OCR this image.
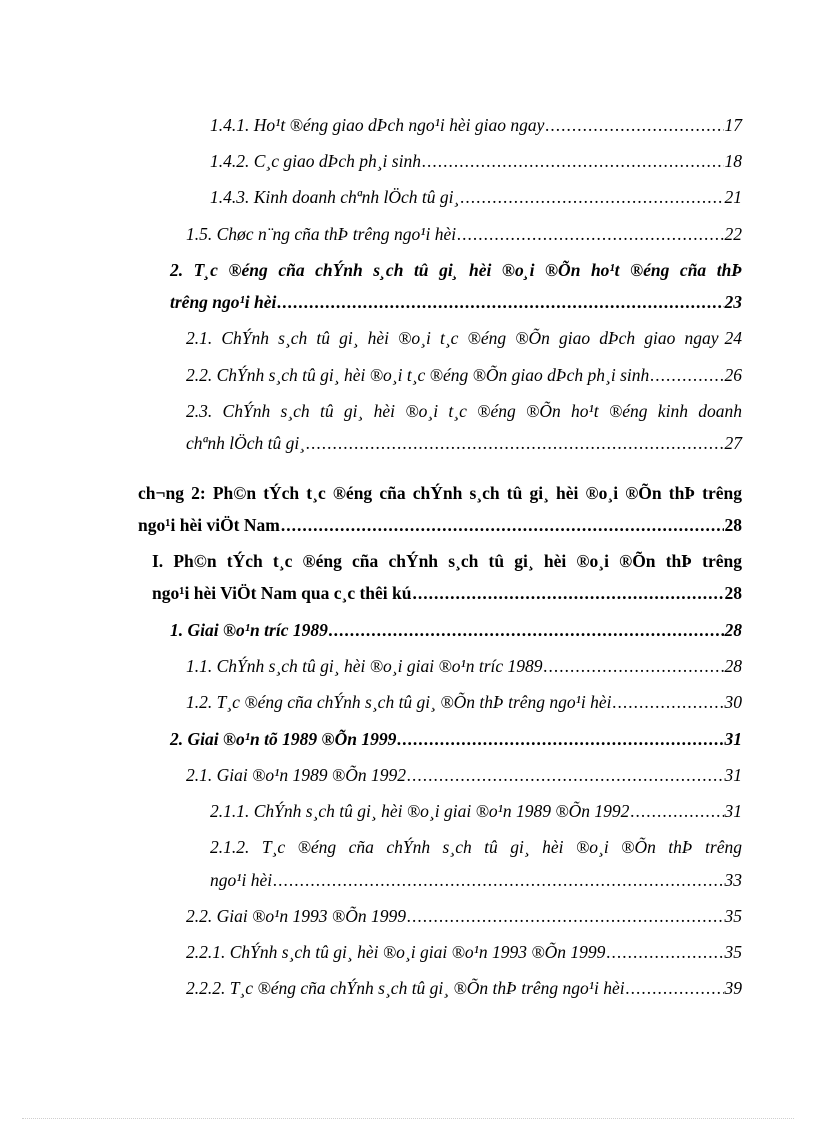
1.4.1. Ho¹t ®éng giao dÞch ngo¹i hèi giao ngay .....	17
1.4.2. C¸c giao dÞch ph¸i sinh .....	18
1.4.3. Kinh doanh chªnh lÖch tû gi¸ .....	21
1.5. Chøc n¨ng cña thÞ trêng ngo¹i hèi .....	22
2. T¸c ®éng cña chÝnh s¸ch tû gi¸ hèi ®o¸i ®Õn ho¹t ®éng cña thÞ
trêng ngo¹i hèi .....	23
2.1. ChÝnh s¸ch tû gi¸ hèi ®o¸i t¸c ®éng ®Õn giao dÞch giao ngay 24
2.2. ChÝnh s¸ch tû gi¸ hèi ®o¸i t¸c ®éng ®Õn giao dÞch ph¸i sinh .....	26
2.3. ChÝnh s¸ch tû gi¸ hèi ®o¸i t¸c ®éng ®Õn ho¹t ®éng kinh doanh
chªnh lÖch tû gi¸ .....	27
ch¬ng 2: Ph©n tÝch t¸c ®éng cña chÝnh s¸ch tû gi¸ hèi ®o¸i ®Õn thÞ trêng
ngo¹i hèi viÖt Nam .....	28
I. Ph©n tÝch t¸c ®éng cña chÝnh s¸ch tû gi¸ hèi ®o¸i ®Õn thÞ trêng
ngo¹i hèi ViÖt Nam qua c¸c thêi kú .....	28
1. Giai ®o¹n tríc 1989 .....	28
1.1. ChÝnh s¸ch tû gi¸ hèi ®o¸i giai ®o¹n tríc 1989 .....	28
1.2. T¸c ®éng cña chÝnh s¸ch tû gi¸ ®Õn thÞ trêng ngo¹i hèi .....	30
2. Giai ®o¹n tõ 1989 ®Õn 1999 .....	31
2.1. Giai ®o¹n 1989 ®Õn 1992 .....	31
2.1.1. ChÝnh s¸ch tû gi¸ hèi ®o¸i giai ®o¹n 1989 ®Õn 1992 .....	31
2.1.2. T¸c ®éng cña chÝnh s¸ch tû gi¸ hèi ®o¸i ®Õn thÞ trêng
ngo¹i hèi .....	33
2.2. Giai ®o¹n 1993 ®Õn 1999 .....	35
2.2.1. ChÝnh s¸ch tû gi¸ hèi ®o¸i giai ®o¹n 1993 ®Õn 1999 .....	35
2.2.2. T¸c ®éng cña chÝnh s¸ch tû gi¸ ®Õn thÞ trêng ngo¹i hèi .....	39
